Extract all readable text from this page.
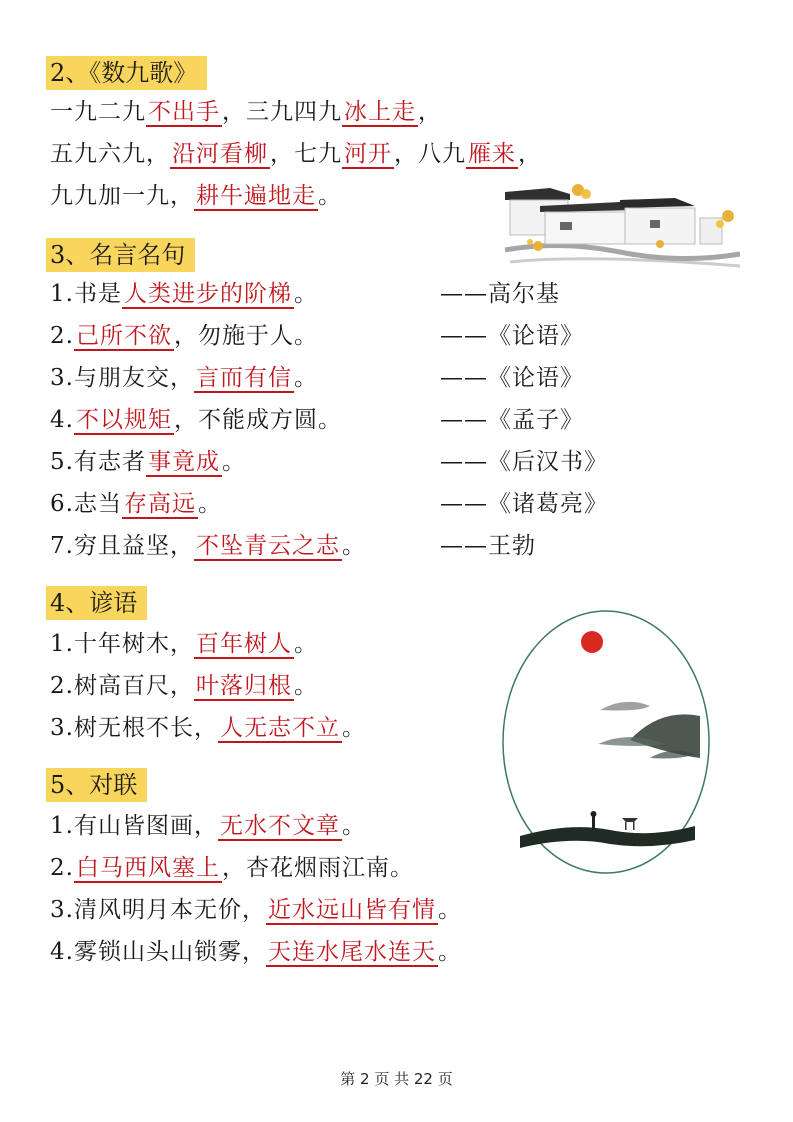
2、《数九歌》
一九二九不出手，三九四九冰上走，
五九六九，沿河看柳，七九河开，八九雁来，
九九加一九，耕牛遍地走。
3、名言名句
1.书是人类进步的阶梯。	——高尔基
2.己所不欲，勿施于人。	——《论语》
3.与朋友交，言而有信。	——《论语》
4.不以规矩，不能成方圆。	——《孟子》
5.有志者事竟成。	——《后汉书》
6.志当存高远。	——《诸葛亮》
7.穷且益坚，不坠青云之志。	——王勃
4、谚语
1.十年树木，百年树人。
2.树高百尺，叶落归根。
3.树无根不长，人无志不立。
5、对联
1.有山皆图画，无水不文章。
2.白马西风塞上，杏花烟雨江南。
3.清风明月本无价，近水远山皆有情。
4.雾锁山头山锁雾，天连水尾水连天。
第 2 页 共 22 页
